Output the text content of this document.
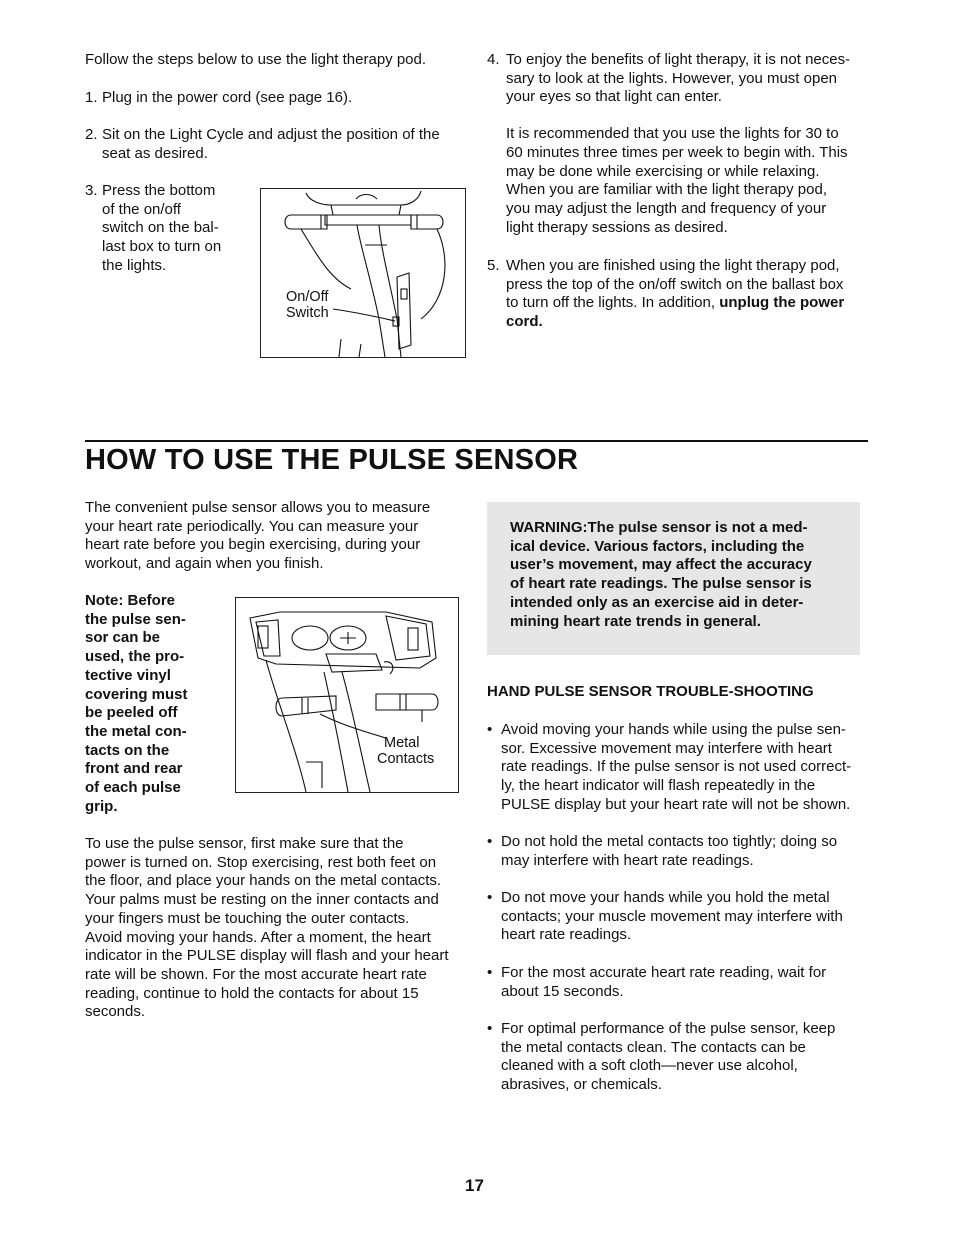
Follow the steps below to use the light therapy pod.

1. Plug in the power cord (see page 16).
2. Sit on the Light Cycle and adjust the position of the
seat as desired.
3. Press the bottom
of the on/off
switch on the bal-
last box to turn on
the lights.
On/Off
Switch
4. To enjoy the benefits of light therapy, it is not neces-
sary to look at the lights. However, you must open
your eyes so that light can enter.
It is recommended that you use the lights for 30 to
60 minutes three times per week to begin with. This
may be done while exercising or while relaxing.
When you are familiar with the light therapy pod,
you may adjust the length and frequency of your
light therapy sessions as desired.
5. When you are finished using the light therapy pod,
press the top of the on/off switch on the ballast box
to turn off the lights. In addition, unplug the power
cord.
HOW TO USE THE PULSE SENSOR
The convenient pulse sensor allows you to measure
your heart rate periodically. You can measure your
heart rate before you begin exercising, during your
workout, and again when you finish.
Note: Before
the pulse sen-
sor can be
used, the pro-
tective vinyl
covering must
be peeled off
the metal con-
tacts on the
front and rear
of each pulse
grip.
Metal
Contacts
To use the pulse sensor, first make sure that the
power is turned on. Stop exercising, rest both feet on
the floor, and place your hands on the metal contacts.
Your palms must be resting on the inner contacts and
your fingers must be touching the outer contacts.
Avoid moving your hands. After a moment, the heart
indicator in the PULSE display will flash and your heart
rate will be shown. For the most accurate heart rate
reading, continue to hold the contacts for about 15
seconds.

WARNING:The pulse sensor is not a med-
ical device. Various factors, including the
user’s movement, may affect the accuracy
of heart rate readings. The pulse sensor is
intended only as an exercise aid in deter-
mining heart rate trends in general.

HAND PULSE SENSOR TROUBLE-SHOOTING
• Avoid moving your hands while using the pulse sen-
sor. Excessive movement may interfere with heart
rate readings. If the pulse sensor is not used correct-
ly, the heart indicator will flash repeatedly in the
PULSE display but your heart rate will not be shown.
• Do not hold the metal contacts too tightly; doing so
may interfere with heart rate readings.
• Do not move your hands while you hold the metal
contacts; your muscle movement may interfere with
heart rate readings.
• For the most accurate heart rate reading, wait for
about 15 seconds.
• For optimal performance of the pulse sensor, keep
the metal contacts clean. The contacts can be
cleaned with a soft cloth—never use alcohol,
abrasives, or chemicals.
17
